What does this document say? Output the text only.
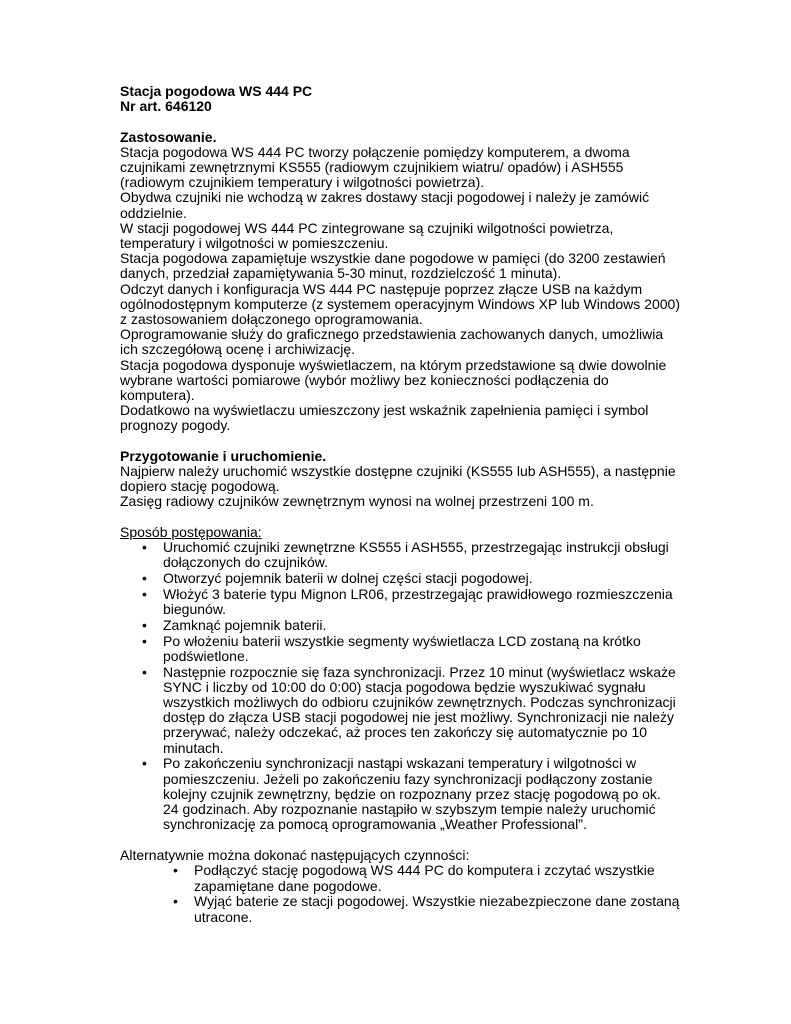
Stacja pogodowa WS 444 PC

Nr art. 646120

Zastosowanie.

Stacja pogodowa WS 444 PC tworzy połączenie pomiędzy komputerem, a dwoma czujnikami zewnętrznymi KS555 (radiowym czujnikiem wiatru/ opadów) i ASH555 (radiowym czujnikiem temperatury i wilgotności powietrza).

Obydwa czujniki nie wchodzą w zakres dostawy stacji pogodowej i należy je zamówić oddzielnie.

W stacji pogodowej WS 444 PC zintegrowane są czujniki wilgotności powietrza, temperatury i wilgotności w pomieszczeniu.

Stacja pogodowa zapamiętuje wszystkie dane pogodowe w pamięci (do 3200 zestawień danych, przedział zapamiętywania 5-30 minut, rozdzielczość 1 minuta).

Odczyt danych i konfiguracja WS 444 PC następuje poprzez złącze USB na każdym ogólnodostępnym komputerze (z systemem operacyjnym Windows XP lub Windows 2000) z zastosowaniem dołączonego oprogramowania.

Oprogramowanie służy do graficznego przedstawienia zachowanych danych, umożliwia ich szczegółową ocenę i archiwizację.

Stacja pogodowa dysponuje wyświetlaczem, na którym przedstawione są dwie dowolnie wybrane wartości pomiarowe (wybór możliwy bez konieczności podłączenia do komputera).

Dodatkowo na wyświetlaczu umieszczony jest wskaźnik zapełnienia pamięci i symbol prognozy pogody.

Przygotowanie i uruchomienie.

Najpierw należy uruchomić wszystkie dostępne czujniki (KS555 lub ASH555), a następnie dopiero stację pogodową.

Zasięg radiowy czujników zewnętrznym wynosi na wolnej przestrzeni 100 m.

Sposób postępowania:

• Uruchomić czujniki zewnętrzne KS555 i ASH555, przestrzegając instrukcji obsługi dołączonych do czujników.
• Otworzyć pojemnik baterii w dolnej części stacji pogodowej.
• Włożyć 3 baterie typu Mignon LR06, przestrzegając prawidłowego rozmieszczenia biegunów.
• Zamknąć pojemnik baterii.
• Po włożeniu baterii wszystkie segmenty wyświetlacza LCD zostaną na krótko podświetlone.
• Następnie rozpocznie się faza synchronizacji. Przez 10 minut (wyświetlacz wskaże SYNC i liczby od 10:00 do 0:00) stacja pogodowa będzie wyszukiwać sygnału wszystkich możliwych do odbioru czujników zewnętrznych. Podczas synchronizacji dostęp do złącza USB stacji pogodowej nie jest możliwy. Synchronizacji nie należy przerywać, należy odczekać, aż proces ten zakończy się automatycznie po 10 minutach.
• Po zakończeniu synchronizacji nastąpi wskazani temperatury i wilgotności w pomieszczeniu. Jeżeli po zakończeniu fazy synchronizacji podłączony zostanie kolejny czujnik zewnętrzny, będzie on rozpoznany przez stację pogodową po ok. 24 godzinach. Aby rozpoznanie nastąpiło w szybszym tempie należy uruchomić synchronizację za pomocą oprogramowania „Weather Professional”.

Alternatywnie można dokonać następujących czynności:

• Podłączyć stację pogodową WS 444 PC do komputera i zczytać wszystkie zapamiętane dane pogodowe.
• Wyjąć baterie ze stacji pogodowej. Wszystkie niezabezpieczone dane zostaną utracone.
